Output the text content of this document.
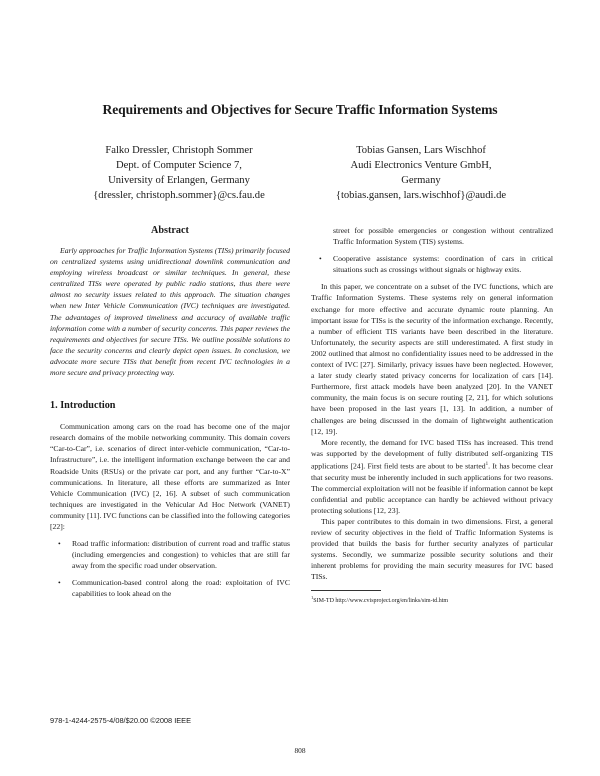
Requirements and Objectives for Secure Traffic Information Systems
Falko Dressler, Christoph Sommer
Dept. of Computer Science 7,
University of Erlangen, Germany
{dressler, christoph.sommer}@cs.fau.de
Tobias Gansen, Lars Wischhof
Audi Electronics Venture GmbH,
Germany
{tobias.gansen, lars.wischhof}@audi.de
Abstract

Early approaches for Traffic Information Systems (TISs) primarily focused on centralized systems using unidirectional downlink communication and employing wireless broadcast or similar techniques. In general, these centralized TISs were operated by public radio stations, thus there were almost no security issues related to this approach. The situation changes when new Inter Vehicle Communication (IVC) techniques are investigated. The advantages of improved timeliness and accuracy of available traffic information come with a number of security concerns. This paper reviews the requirements and objectives for secure TISs. We outline possible solutions to face the security concerns and clearly depict open issues. In conclusion, we advocate more secure TISs that benefit from recent IVC technologies in a more secure and privacy protecting way.

1. Introduction

Communication among cars on the road has become one of the major research domains of the mobile networking community. This domain covers “Car-to-Car”, i.e. scenarios of direct inter-vehicle communication, “Car-to-Infrastructure”, i.e. the intelligent information exchange between the car and Roadside Units (RSUs) or the private car port, and any further “Car-to-X” communications. In literature, all these efforts are summarized as Inter Vehicle Communication (IVC) [2, 16]. A subset of such communication techniques are investigated in the Vehicular Ad Hoc Network (VANET) community [11]. IVC functions can be classified into the following categories [22]:

• Road traffic information: distribution of current road and traffic status (including emergencies and congestion) to vehicles that are still far away from the specific road under observation.
• Communication-based control along the road: exploitation of IVC capabilities to look ahead on the

street for possible emergencies or congestion without centralized Traffic Information System (TIS) systems.

• Cooperative assistance systems: coordination of cars in critical situations such as crossings without signals or highway exits.

In this paper, we concentrate on a subset of the IVC functions, which are Traffic Information Systems. These systems rely on general information exchange for more effective and accurate dynamic route planning. An important issue for TISs is the security of the information exchange. Recently, a number of efficient TIS variants have been described in the literature. Unfortunately, the security aspects are still underestimated. A first study in 2002 outlined that almost no confidentiality issues need to be addressed in the context of IVC [27]. Similarly, privacy issues have been neglected. However, a later study clearly stated privacy concerns for localization of cars [14]. Furthermore, first attack models have been analyzed [20]. In the VANET community, the main focus is on secure routing [2, 21], for which solutions have been proposed in the last years [1, 13]. In addition, a number of challenges are being discussed in the domain of lightweight authentication [12, 19].

More recently, the demand for IVC based TISs has increased. This trend was supported by the development of fully distributed self-organizing TIS applications [24]. First field tests are about to be started$^1$. It has become clear that security must be inherently included in such applications for two reasons. The commercial exploitation will not be feasible if information cannot be kept confidential and public acceptance can hardly be achieved without privacy protecting solutions [12, 23].

This paper contributes to this domain in two dimensions. First, a general review of security objectives in the field of Traffic Information Systems is provided that builds the basis for further security analyzes of particular systems. Secondly, we summarize possible security solutions and their inherent problems for providing the main security measures for IVC based TISs.

$^1$SIM-TD http://www.cvisproject.org/en/links/sim-td.htm

978-1-4244-2575-4/08/$20.00 ©2008 IEEE
808
